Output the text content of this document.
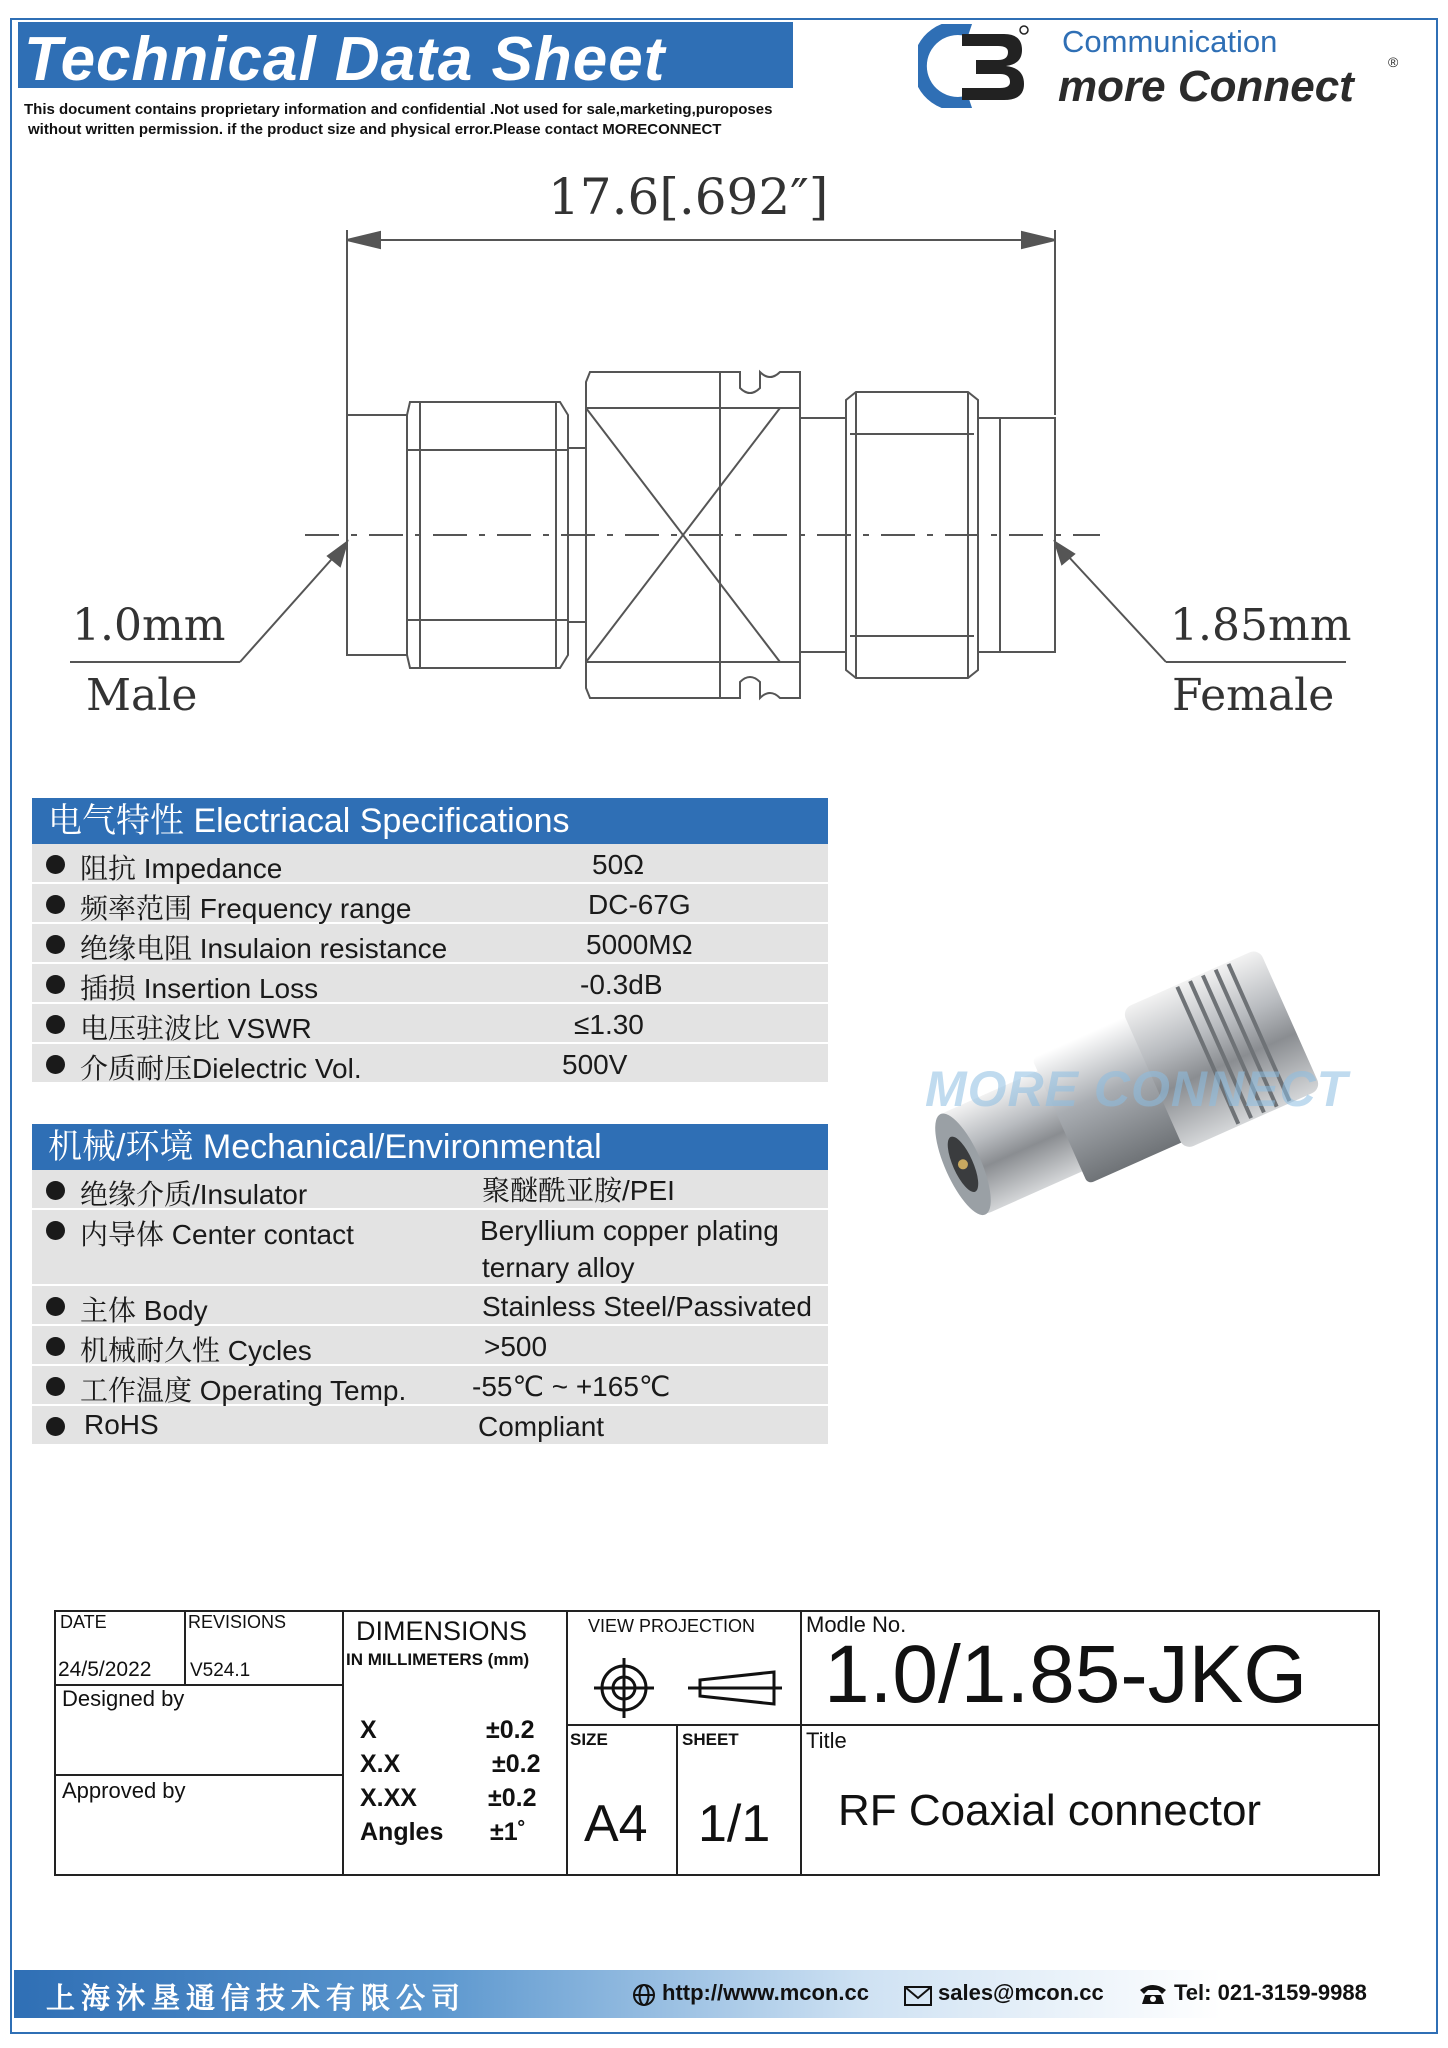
Technical Data Sheet
This document contains proprietary information and confidential .Not used for sale,marketing,puroposes
without written permission. if the product size and physical error.Please contact MORECONNECT
Communication
more Connect ®
17.6[.692″]
1.0mm
Male
1.85mm
Female
MORE CONNECT
电气特性 Electriacal Specifications
阻抗 Impedance	50Ω
频率范围 Frequency range	DC-67G
绝缘电阻 Insulaion resistance	5000MΩ
插损 Insertion Loss	-0.3dB
电压驻波比 VSWR	≤1.30
介质耐压Dielectric Vol.	500V
机械/环境 Mechanical/Environmental
绝缘介质/Insulator	聚醚酰亚胺/PEI
内导体 Center contact	Beryllium copper plating
ternary alloy
主体 Body	Stainless Steel/Passivated
机械耐久性 Cycles	>500
工作温度 Operating Temp. -55℃ ~ +165℃
RoHS	Compliant
DATE
24/5/2022
REVISIONS
V524.1
Designed by
Approved by
DIMENSIONS
IN MILLIMETERS (mm)
X	±0.2
X.X	±0.2
X.XX	±0.2
Angles ±1˚
VIEW PROJECTION
SIZE
A4
SHEET
1/1
Modle No.
1.0/1.85-JKG
Title
RF Coaxial connector
上海沐垦通信技术有限公司	http://www.mcon.cc	sales@mcon.cc	Tel: 021-3159-9988
